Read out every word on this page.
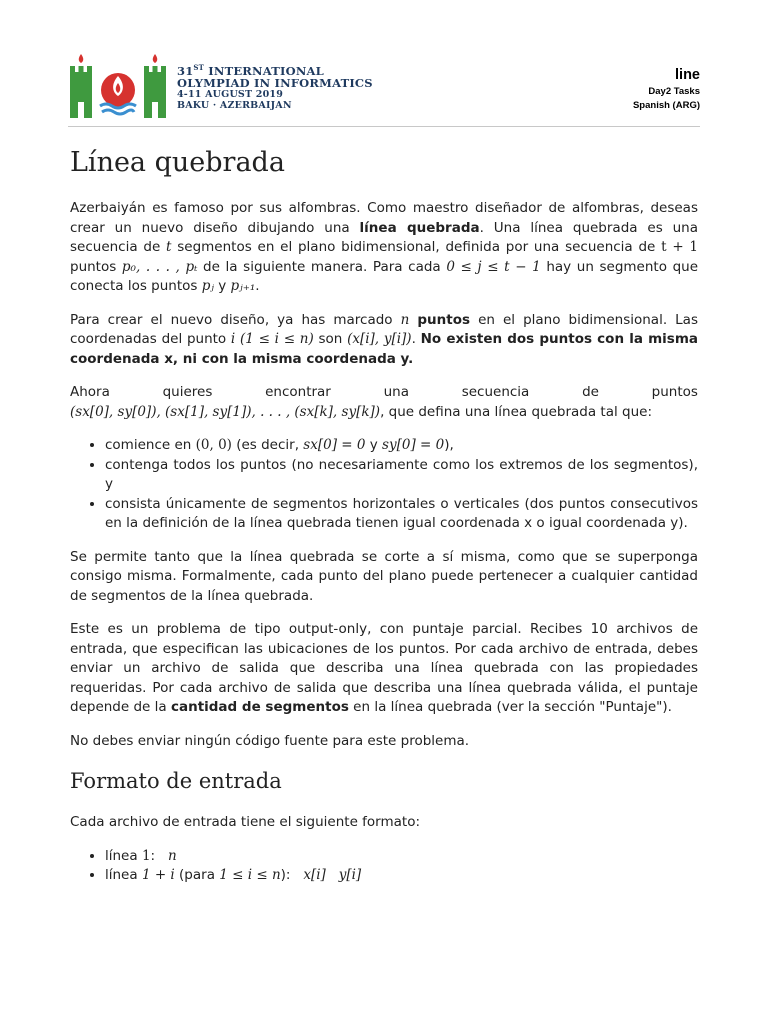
31ST INTERNATIONAL
OLYMPIAD IN INFORMATICS
4-11 AUGUST 2019
BAKU · AZERBAIJAN
line
Day2 Tasks
Spanish (ARG)
Línea quebrada

Azerbaiyán es famoso por sus alfombras. Como maestro diseñador de alfombras, deseas crear un nuevo diseño dibujando una línea quebrada. Una línea quebrada es una secuencia de t segmentos en el plano bidimensional, definida por una secuencia de t + 1 puntos p₀, . . . , pₜ de la siguiente manera. Para cada 0 ≤ j ≤ t − 1 hay un segmento que conecta los puntos pⱼ y pⱼ₊₁.

Para crear el nuevo diseño, ya has marcado n puntos en el plano bidimensional. Las coordenadas del punto i (1 ≤ i ≤ n) son (x[i], y[i]). No existen dos puntos con la misma coordenada x, ni con la misma coordenada y.

Ahora	quieres	encontrar	una	secuencia	de	puntos
(sx[0], sy[0]), (sx[1], sy[1]), . . . , (sx[k], sy[k]), que defina una línea quebrada tal que:

• comience en (0, 0) (es decir, sx[0] = 0 y sy[0] = 0),
• contenga todos los puntos (no necesariamente como los extremos de los segmentos), y
• consista únicamente de segmentos horizontales o verticales (dos puntos consecutivos en la definición de la línea quebrada tienen igual coordenada x o igual coordenada y).

Se permite tanto que la línea quebrada se corte a sí misma, como que se superponga consigo misma. Formalmente, cada punto del plano puede pertenecer a cualquier cantidad de segmentos de la línea quebrada.

Este es un problema de tipo output-only, con puntaje parcial. Recibes 10 archivos de entrada, que especifican las ubicaciones de los puntos. Por cada archivo de entrada, debes enviar un archivo de salida que describa una línea quebrada con las propiedades requeridas. Por cada archivo de salida que describa una línea quebrada válida, el puntaje depende de la cantidad de segmentos en la línea quebrada (ver la sección "Puntaje").

No debes enviar ningún código fuente para este problema.

Formato de entrada

Cada archivo de entrada tiene el siguiente formato:

• línea 1:   n
• línea 1 + i (para 1 ≤ i ≤ n):   x[i]   y[i]
